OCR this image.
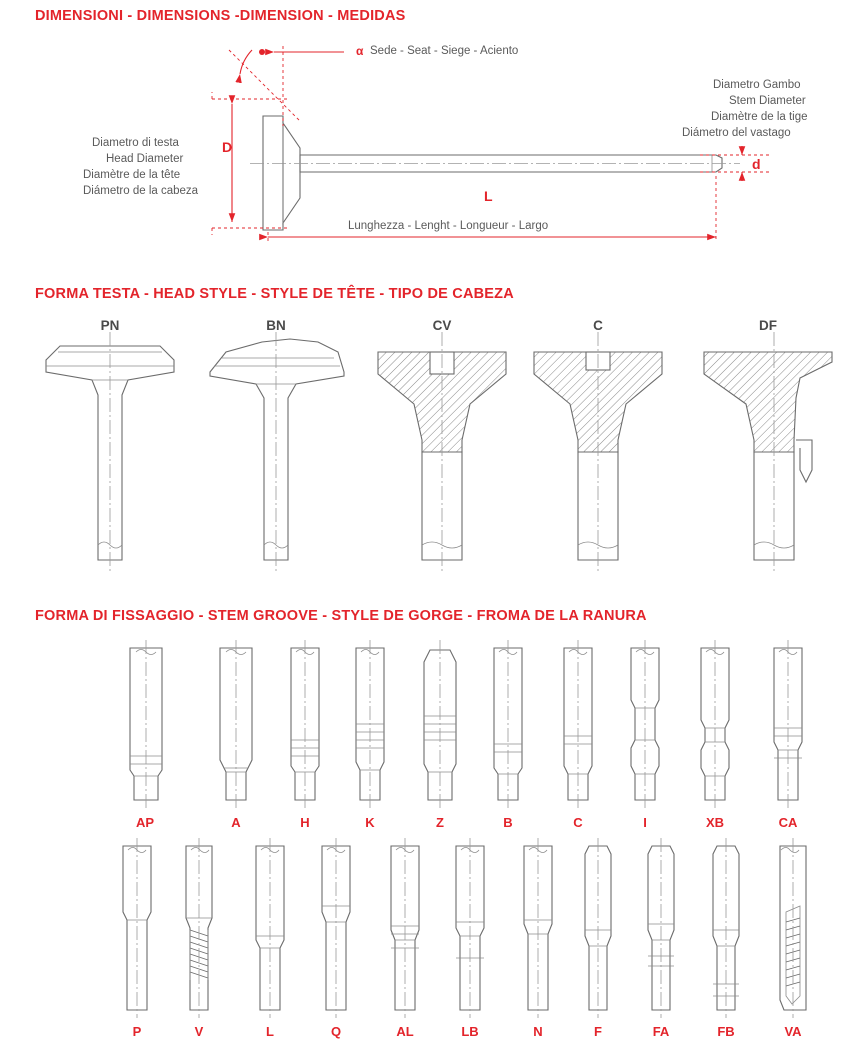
DIMENSIONI - DIMENSIONS -DIMENSION - MEDIDAS
FORMA TESTA - HEAD STYLE - STYLE DE TÊTE - TIPO DE CABEZA
FORMA DI FISSAGGIO - STEM GROOVE - STYLE DE GORGE - FROMA DE LA RANURA
α Sede - Seat - Siege - Aciento
Diametro di testa
Head Diameter
Diamètre de la tête
Diámetro de la cabeza
D
Diametro Gambo
Stem Diameter
Diamètre de la tige
Diámetro del vastago
d
L
Lunghezza - Lenght - Longueur - Largo
PN	BN	CV	C	DF
AP	A	H	K	Z	B	C	I	XB	CA
P	V	L	Q	AL	LB	N	F	FA	FB	VA
